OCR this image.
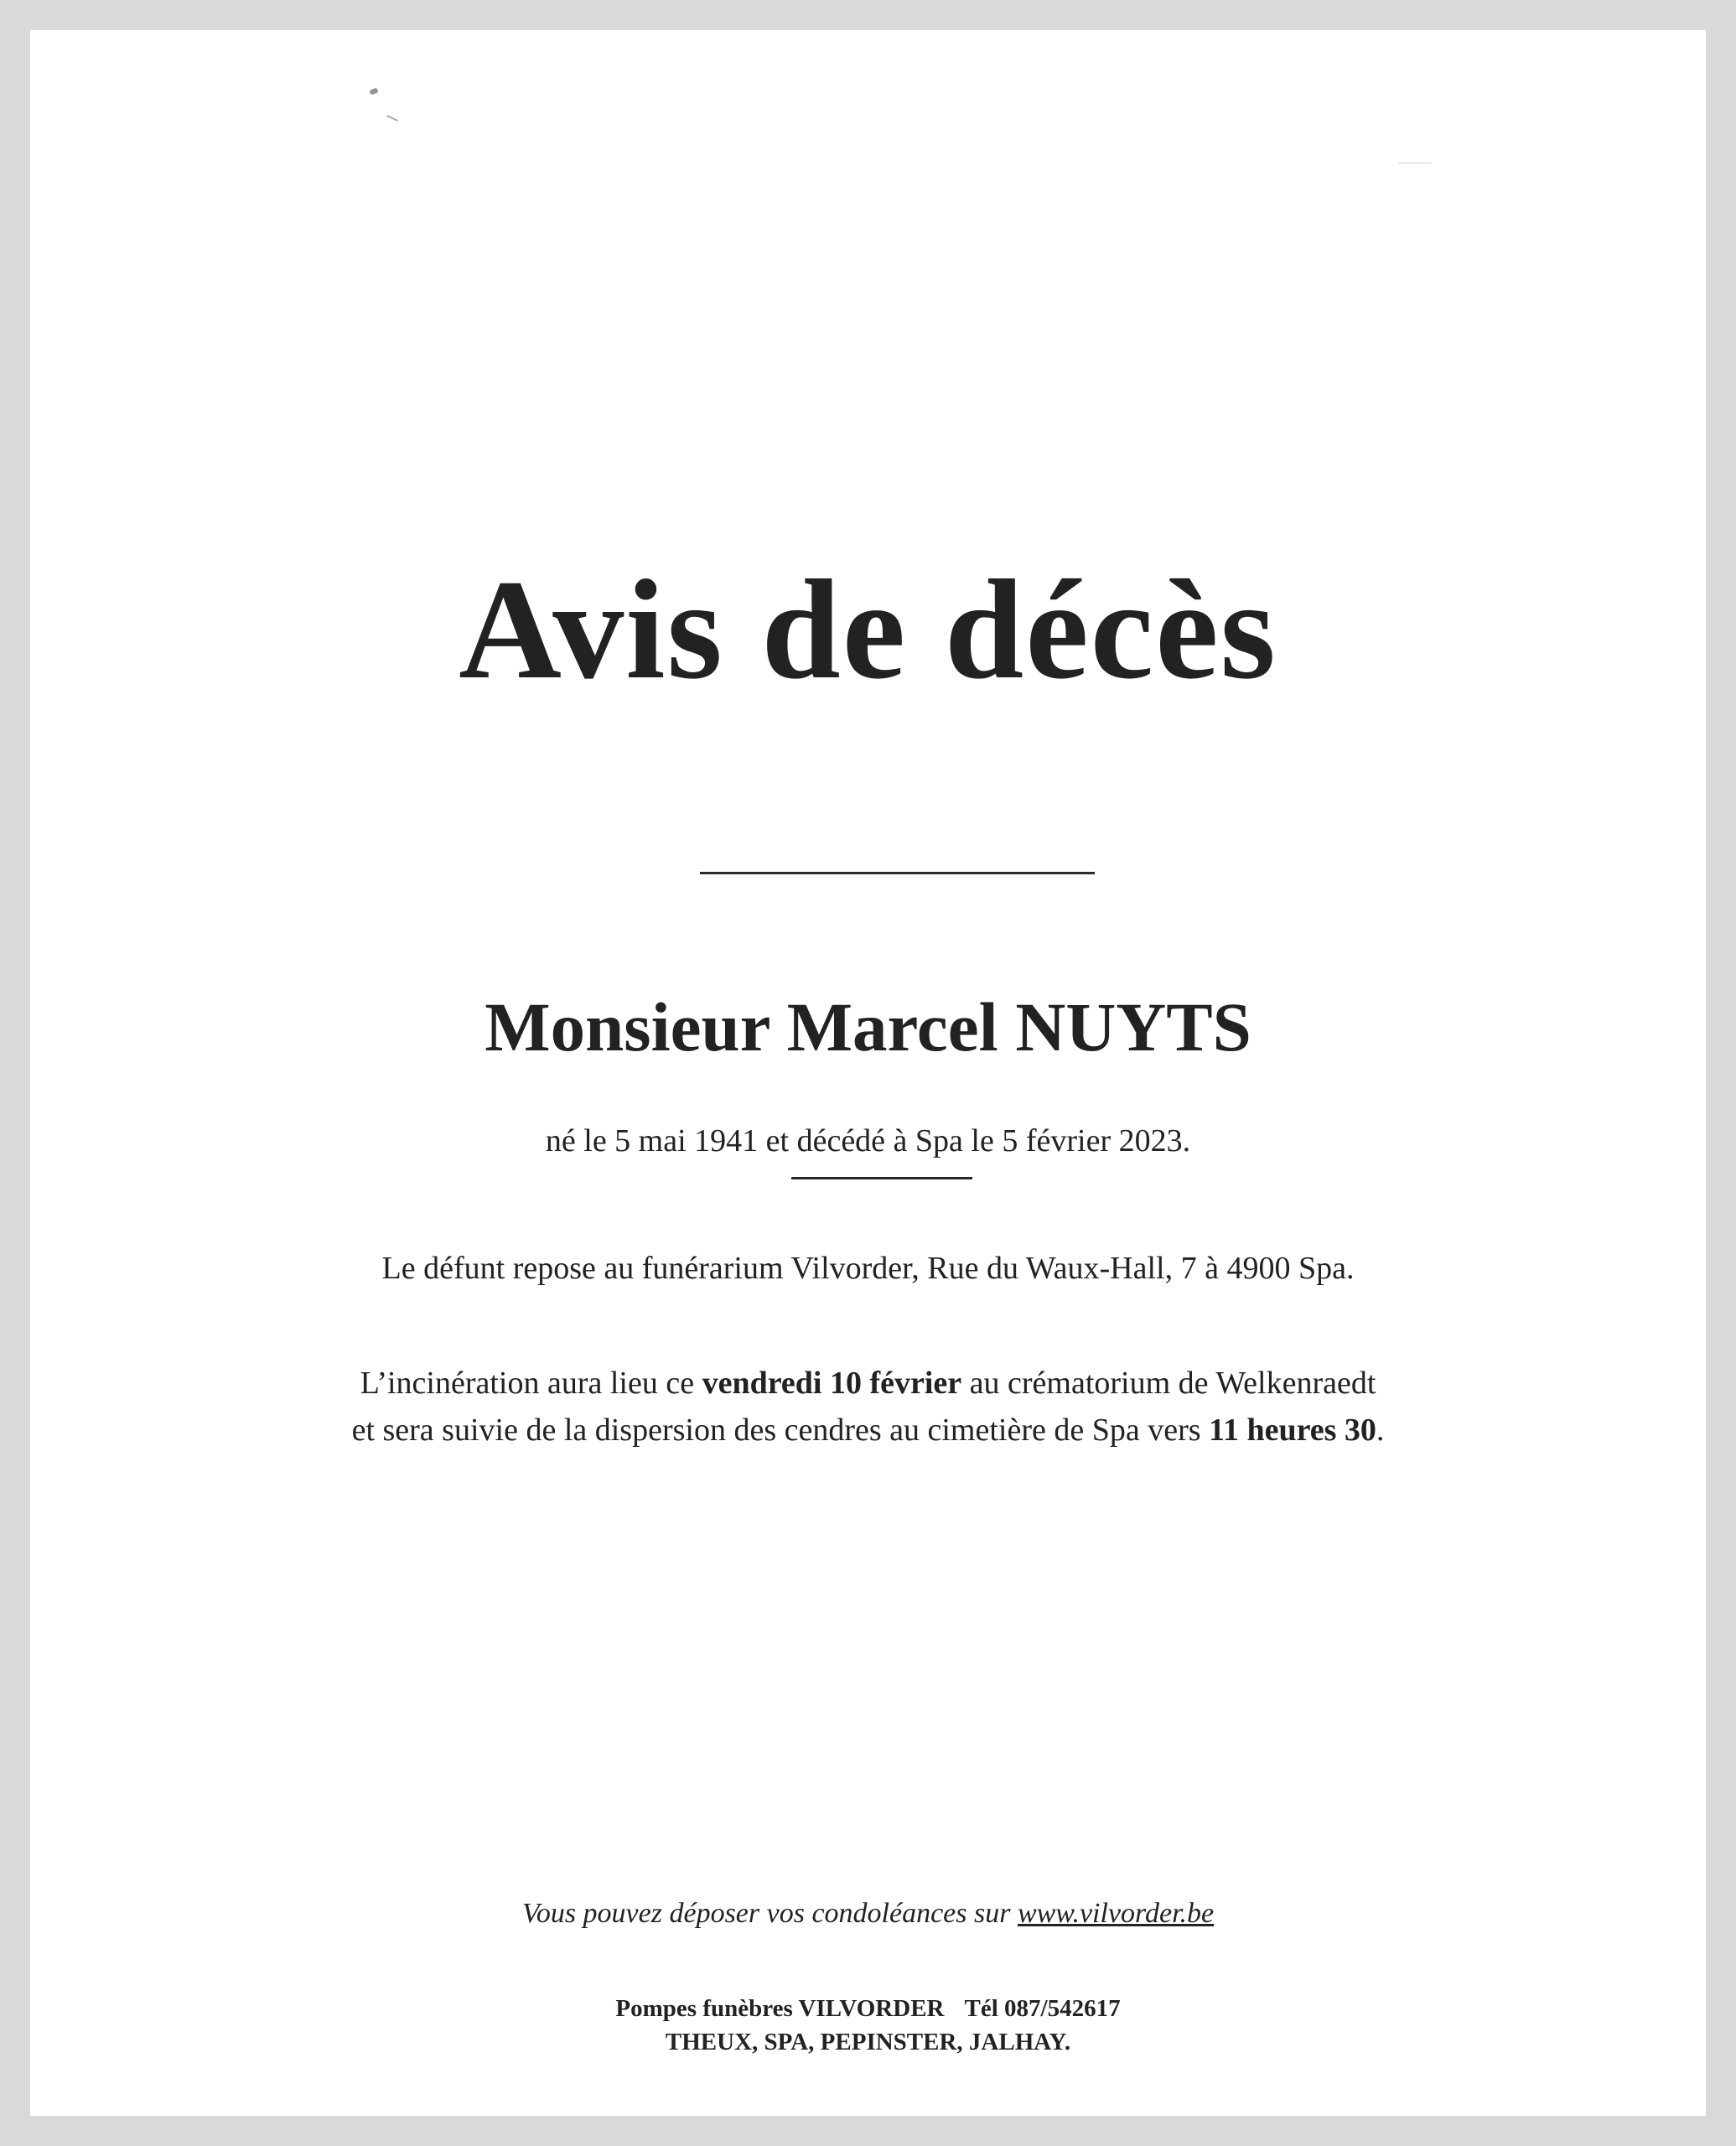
Avis de décès
Monsieur Marcel NUYTS
né le 5 mai 1941 et décédé à Spa le 5 février 2023.
Le défunt repose au funérarium Vilvorder, Rue du Waux-Hall, 7 à 4900 Spa.
L’incinération aura lieu ce vendredi 10 février au crématorium de Welkenraedt
et sera suivie de la dispersion des cendres au cimetière de Spa vers 11 heures 30.
Vous pouvez déposer vos condoléances sur www.vilvorder.be
Pompes funèbres VILVORDER Tél 087/542617
THEUX, SPA, PEPINSTER, JALHAY.
